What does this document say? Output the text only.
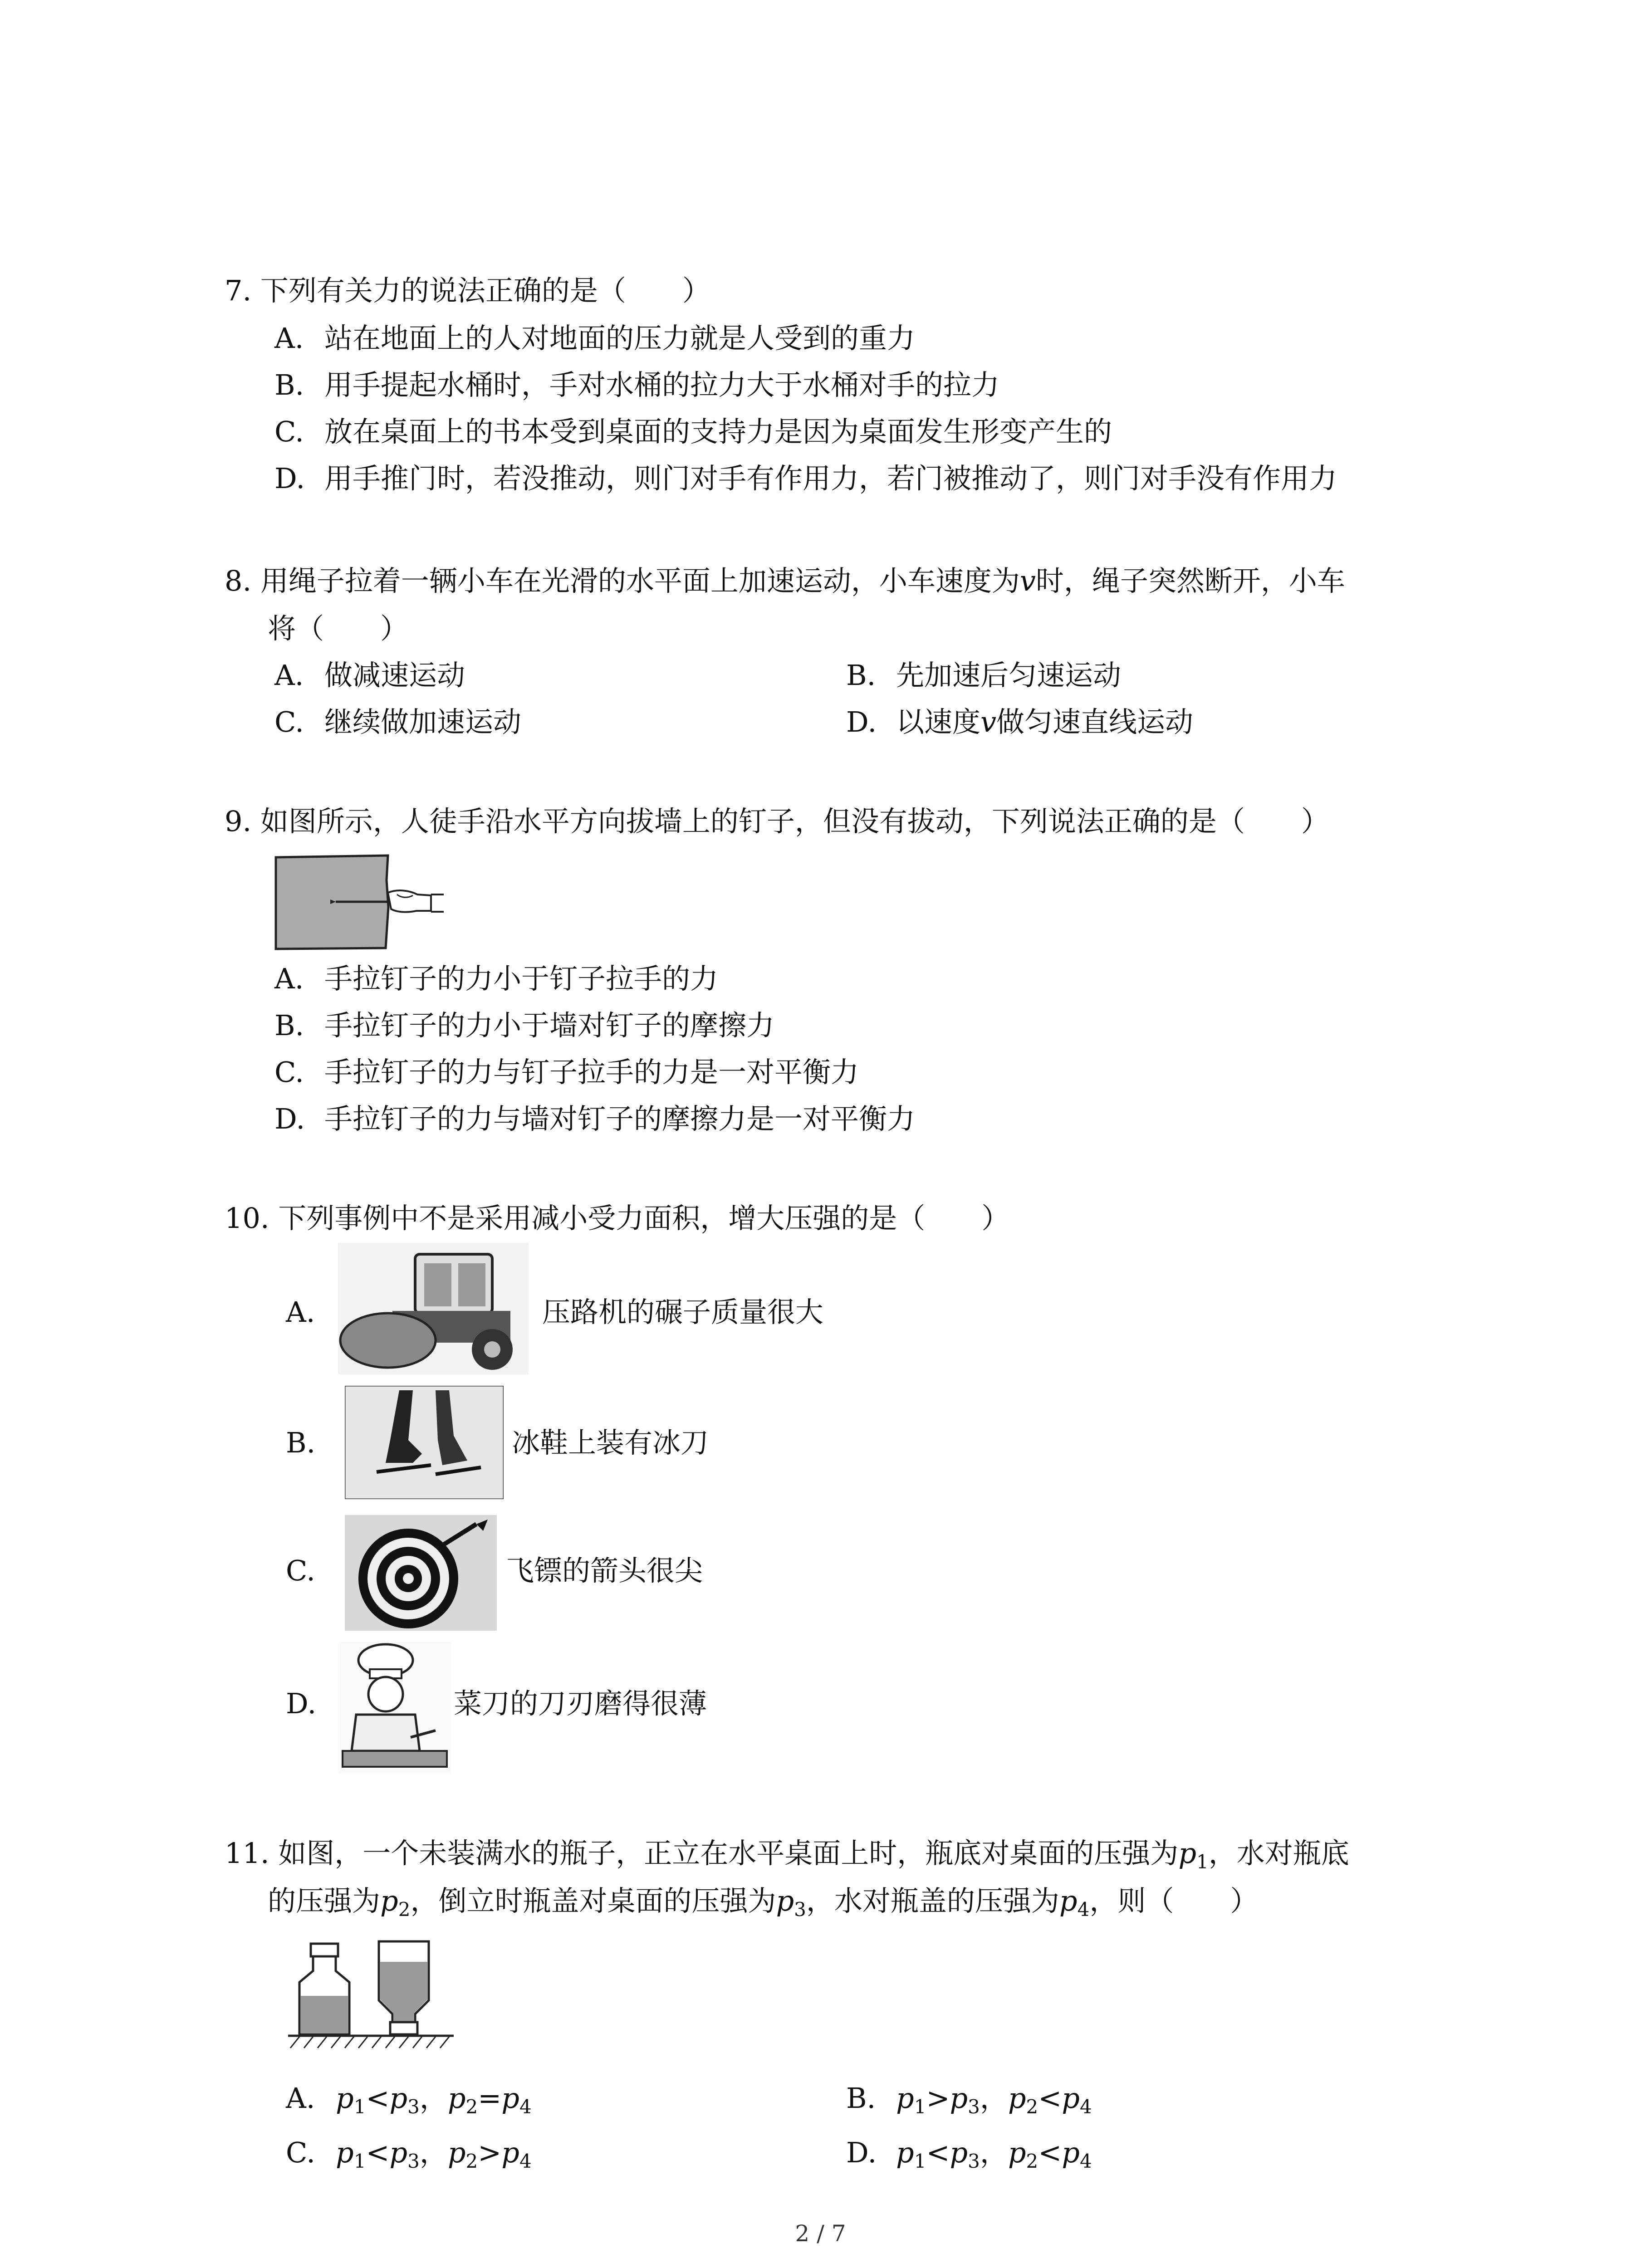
7. 下列有关力的说法正确的是（　　）
A. 站在地面上的人对地面的压力就是人受到的重力
B. 用手提起水桶时，手对水桶的拉力大于水桶对手的拉力
C. 放在桌面上的书本受到桌面的支持力是因为桌面发生形变产生的
D. 用手推门时，若没推动，则门对手有作用力，若门被推动了，则门对手没有作用力
8. 用绳子拉着一辆小车在光滑的水平面上加速运动，小车速度为v时，绳子突然断开，小车
将（　　）
A. 做减速运动	B. 先加速后匀速运动
C. 继续做加速运动	D. 以速度v做匀速直线运动
9. 如图所示，人徒手沿水平方向拔墙上的钉子，但没有拔动，下列说法正确的是（　　）
A. 手拉钉子的力小于钉子拉手的力
B. 手拉钉子的力小于墙对钉子的摩擦力
C. 手拉钉子的力与钉子拉手的力是一对平衡力
D. 手拉钉子的力与墙对钉子的摩擦力是一对平衡力
10. 下列事例中不是采用减小受力面积，增大压强的是（　　）
A.	压路机的碾子质量很大
B.	冰鞋上装有冰刀
C.	飞镖的箭头很尖
D.	菜刀的刀刃磨得很薄
11. 如图，一个未装满水的瓶子，正立在水平桌面上时，瓶底对桌面的压强为$p_1$，水对瓶底
的压强为$p_2$，倒立时瓶盖对桌面的压强为$p_3$，水对瓶盖的压强为$p_4$，则（　　）
A. $p_1<p_3$，$p_2=p_4$	B. $p_1>p_3$，$p_2<p_4$
C. $p_1<p_3$，$p_2>p_4$	D. $p_1<p_3$，$p_2<p_4$
2 / 7
